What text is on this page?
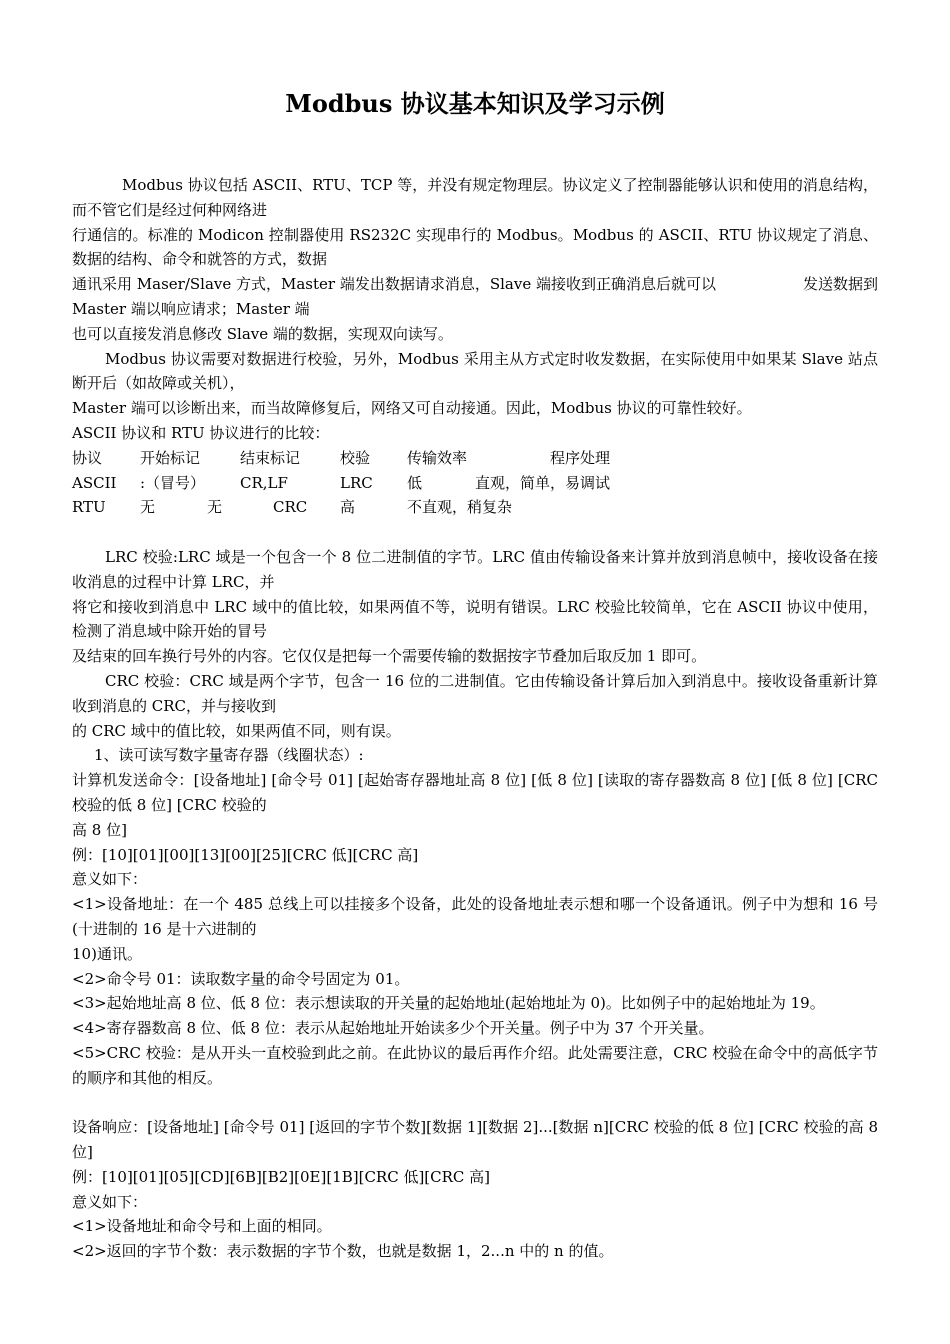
Modbus 协议基本知识及学习示例

Modbus 协议包括 ASCII、RTU、TCP 等，并没有规定物理层。协议定义了控制器能够认识和使用的消息结构，而不管它们是经过何种网络进

行通信的。标准的 Modicon 控制器使用 RS232C 实现串行的 Modbus。Modbus 的 ASCII、RTU 协议规定了消息、数据的结构、命令和就答的方式，数据

通讯采用 Maser/Slave 方式，Master 端发出数据请求消息，Slave 端接收到正确消息后就可以	发送数据到

Master 端以响应请求；Master 端

也可以直接发消息修改 Slave 端的数据，实现双向读写。

Modbus 协议需要对数据进行校验，另外，Modbus 采用主从方式定时收发数据，在实际使用中如果某 Slave 站点断开后（如故障或关机），

Master 端可以诊断出来，而当故障修复后，网络又可自动接通。因此，Modbus 协议的可靠性较好。

ASCII 协议和 RTU 协议进行的比较：

协议	开始标记	结束标记	校验	传输效率	程序处理
ASCII	:（冒号）	CR,LF	LRC	低	直观，简单，易调试
RTU	无	无	CRC	高	不直观，稍复杂

LRC 校验:LRC 域是一个包含一个 8 位二进制值的字节。LRC 值由传输设备来计算并放到消息帧中，接收设备在接收消息的过程中计算 LRC，并

将它和接收到消息中 LRC 域中的值比较，如果两值不等，说明有错误。LRC 校验比较简单，它在 ASCII 协议中使用，检测了消息域中除开始的冒号

及结束的回车换行号外的内容。它仅仅是把每一个需要传输的数据按字节叠加后取反加 1 即可。

CRC 校验：CRC 域是两个字节，包含一 16 位的二进制值。它由传输设备计算后加入到消息中。接收设备重新计算收到消息的 CRC，并与接收到

的 CRC 域中的值比较，如果两值不同，则有误。

1、读可读写数字量寄存器（线圈状态）:

计算机发送命令：[设备地址] [命令号 01] [起始寄存器地址高 8 位] [低 8 位] [读取的寄存器数高 8 位] [低 8 位] [CRC 校验的低 8 位] [CRC 校验的

高 8 位]

例：[10][01][00][13][00][25][CRC 低][CRC 高]

意义如下：

<1>设备地址：在一个 485 总线上可以挂接多个设备，此处的设备地址表示想和哪一个设备通讯。例子中为想和 16 号(十进制的 16 是十六进制的

10)通讯。

<2>命令号 01：读取数字量的命令号固定为 01。

<3>起始地址高 8 位、低 8 位：表示想读取的开关量的起始地址(起始地址为 0)。比如例子中的起始地址为 19。

<4>寄存器数高 8 位、低 8 位：表示从起始地址开始读多少个开关量。例子中为 37 个开关量。

<5>CRC 校验：是从开头一直校验到此之前。在此协议的最后再作介绍。此处需要注意，CRC 校验在命令中的高低字节的顺序和其他的相反。

设备响应：[设备地址] [命令号 01] [返回的字节个数][数据 1][数据 2]...[数据 n][CRC 校验的低 8 位] [CRC 校验的高 8 位]

例：[10][01][05][CD][6B][B2][0E][1B][CRC 低][CRC 高]

意义如下：

<1>设备地址和命令号和上面的相同。

<2>返回的字节个数：表示数据的字节个数，也就是数据 1，2...n 中的 n 的值。
